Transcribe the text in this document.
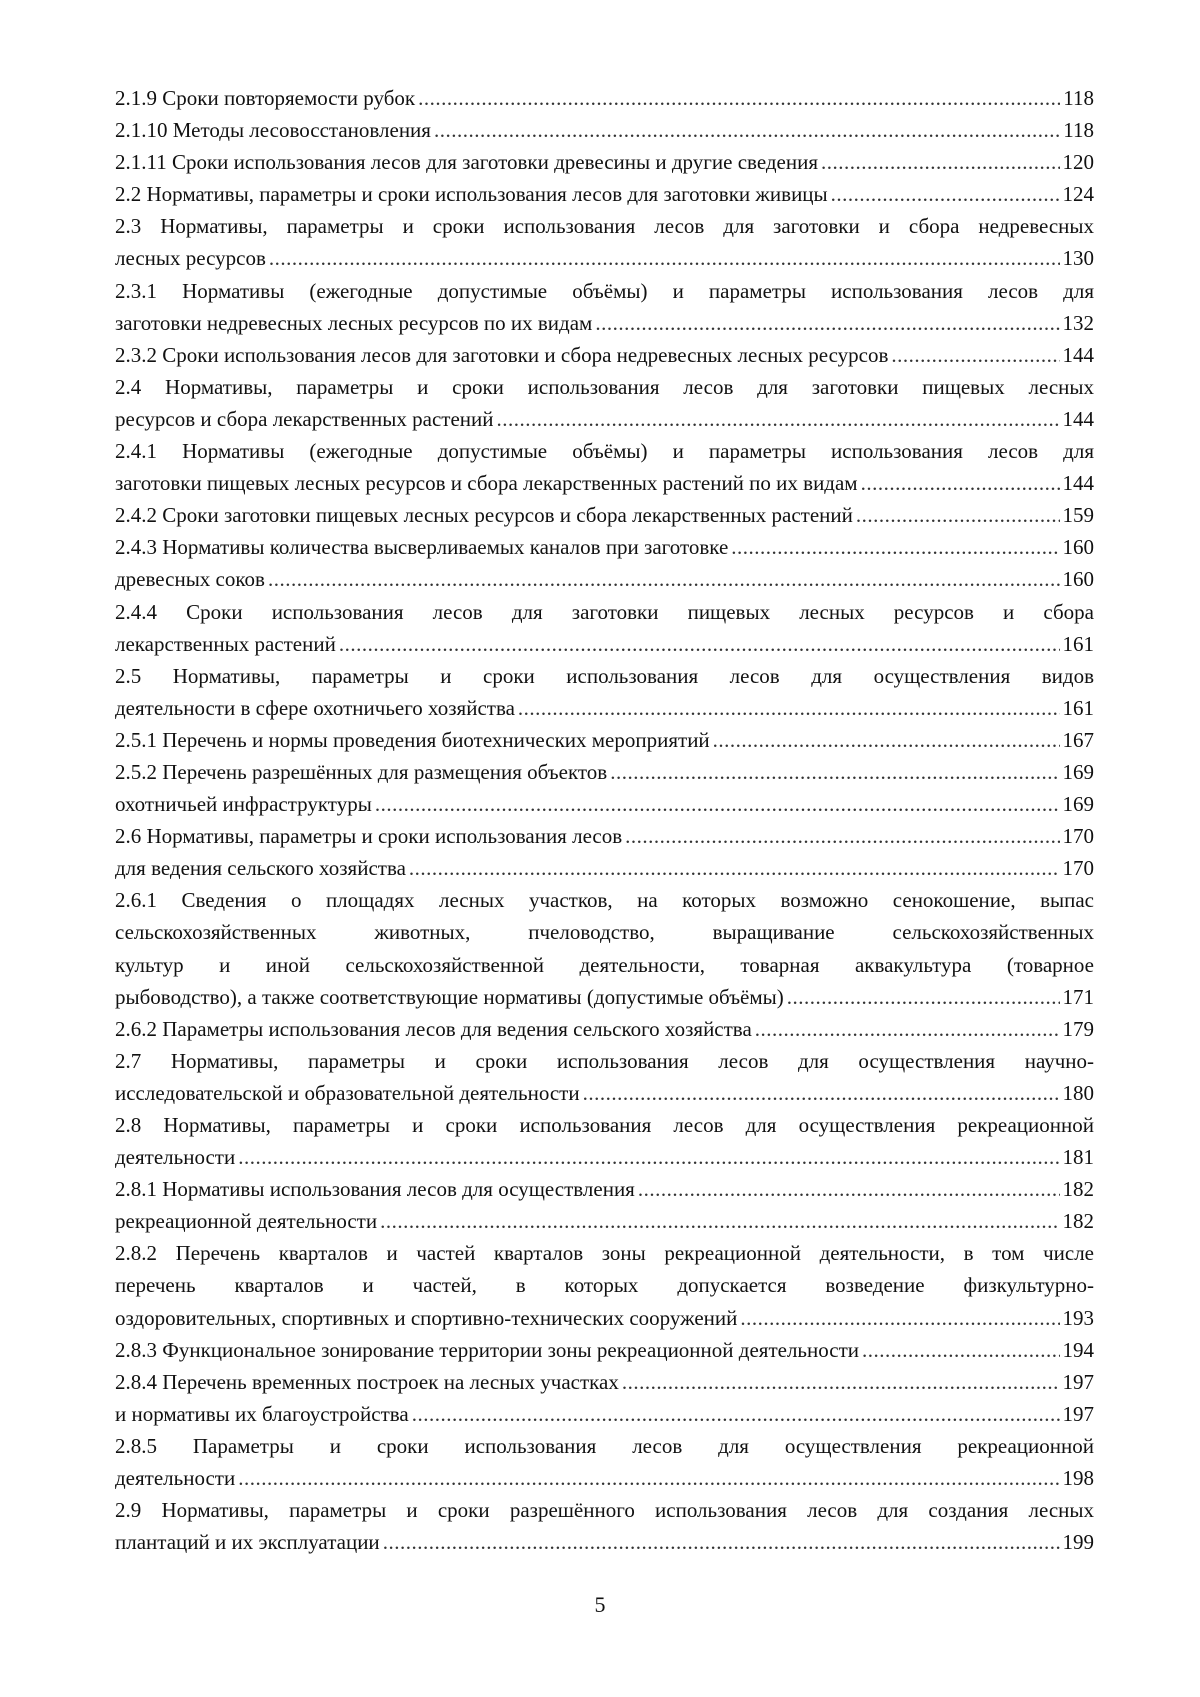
2.1.9 Сроки повторяемости рубок .....	118
2.1.10 Методы лесовосстановления .....	118
2.1.11 Сроки использования лесов для заготовки древесины и другие сведения .....	120
2.2 Нормативы, параметры и сроки использования лесов для заготовки живицы .....	124
2.3 Нормативы, параметры и сроки использования лесов для заготовки и сбора недревесных
лесных ресурсов .....	130
2.3.1 Нормативы (ежегодные допустимые объёмы) и параметры использования лесов для
заготовки недревесных лесных ресурсов по их видам .....	132
2.3.2 Сроки использования лесов для заготовки и сбора недревесных лесных ресурсов .....	144
2.4 Нормативы, параметры и сроки использования лесов для заготовки пищевых лесных
ресурсов и сбора лекарственных растений .....	144
2.4.1 Нормативы (ежегодные допустимые объёмы) и параметры использования лесов для
заготовки пищевых лесных ресурсов и сбора лекарственных растений по их видам .....	144
2.4.2 Сроки заготовки пищевых лесных ресурсов и сбора лекарственных растений .....	159
2.4.3 Нормативы количества высверливаемых каналов при заготовке .....	160
древесных соков .....	160
2.4.4 Сроки использования лесов для заготовки пищевых лесных ресурсов и сбора
лекарственных растений .....	161
2.5 Нормативы, параметры и сроки использования лесов для осуществления видов
деятельности в сфере охотничьего хозяйства .....	161
2.5.1 Перечень и нормы проведения биотехнических мероприятий .....	167
2.5.2 Перечень разрешённых для размещения объектов .....	169
охотничьей инфраструктуры .....	169
2.6 Нормативы, параметры и сроки использования лесов .....	170
для ведения сельского хозяйства .....	170
2.6.1 Сведения о площадях лесных участков, на которых возможно сенокошение, выпас
сельскохозяйственных животных, пчеловодство, выращивание сельскохозяйственных
культур и иной сельскохозяйственной деятельности, товарная аквакультура (товарное
рыбоводство), а также соответствующие нормативы (допустимые объёмы) .....	171
2.6.2 Параметры использования лесов для ведения сельского хозяйства .....	179
2.7 Нормативы, параметры и сроки использования лесов для осуществления научно-
исследовательской и образовательной деятельности .....	180
2.8 Нормативы, параметры и сроки использования лесов для осуществления рекреационной
деятельности .....	181
2.8.1 Нормативы использования лесов для осуществления .....	182
рекреационной деятельности .....	182
2.8.2 Перечень кварталов и частей кварталов зоны рекреационной деятельности, в том числе
перечень кварталов и частей, в которых допускается возведение физкультурно-
оздоровительных, спортивных и спортивно-технических сооружений .....	193
2.8.3 Функциональное зонирование территории зоны рекреационной деятельности .....	194
2.8.4 Перечень временных построек на лесных участках .....	197
и нормативы их благоустройства .....	197
2.8.5 Параметры и сроки использования лесов для осуществления рекреационной
деятельности .....	198
2.9 Нормативы, параметры и сроки разрешённого использования лесов для создания лесных
плантаций и их эксплуатации .....	199
5
